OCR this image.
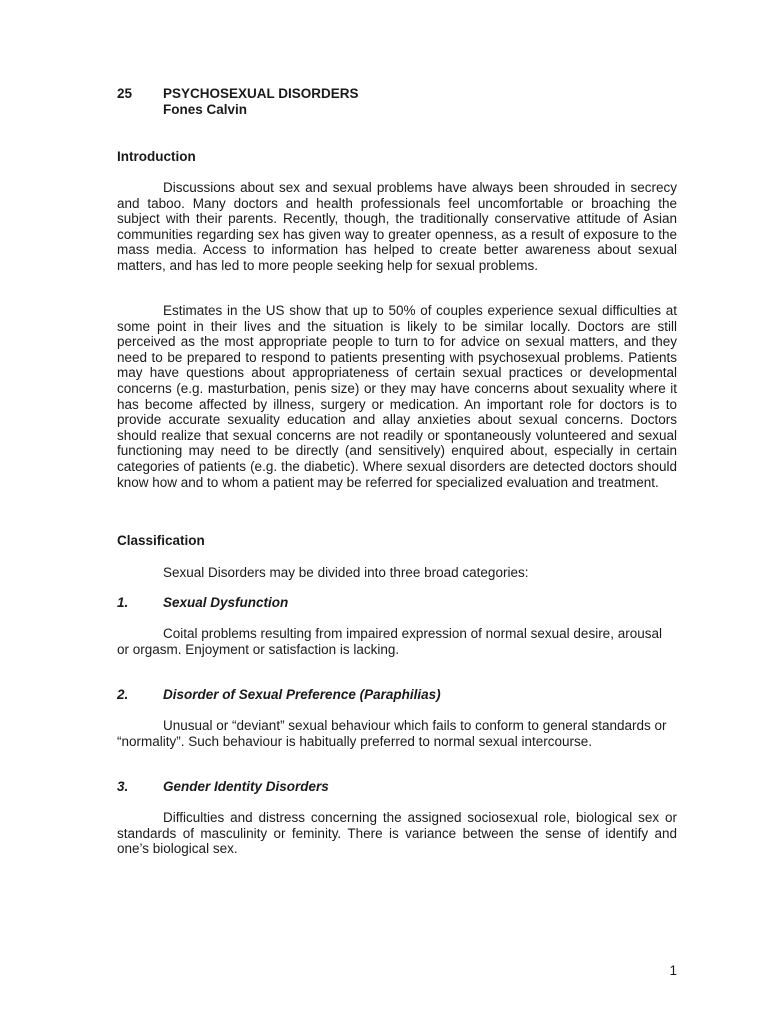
25 PSYCHOSEXUAL DISORDERS
Fones Calvin
Introduction

Discussions about sex and sexual problems have always been shrouded in secrecy and taboo. Many doctors and health professionals feel uncomfortable or broaching the subject with their parents. Recently, though, the traditionally conservative attitude of Asian communities regarding sex has given way to greater openness, as a result of exposure to the mass media. Access to information has helped to create better awareness about sexual matters, and has led to more people seeking help for sexual problems.

Estimates in the US show that up to 50% of couples experience sexual difficulties at some point in their lives and the situation is likely to be similar locally. Doctors are still perceived as the most appropriate people to turn to for advice on sexual matters, and they need to be prepared to respond to patients presenting with psychosexual problems. Patients may have questions about appropriateness of certain sexual practices or developmental concerns (e.g. masturbation, penis size) or they may have concerns about sexuality where it has become affected by illness, surgery or medication. An important role for doctors is to provide accurate sexuality education and allay anxieties about sexual concerns. Doctors should realize that sexual concerns are not readily or spontaneously volunteered and sexual functioning may need to be directly (and sensitively) enquired about, especially in certain categories of patients (e.g. the diabetic). Where sexual disorders are detected doctors should know how and to whom a patient may be referred for specialized evaluation and treatment.

Classification

Sexual Disorders may be divided into three broad categories:

1.	Sexual Dysfunction

Coital problems resulting from impaired expression of normal sexual desire, arousal or orgasm. Enjoyment or satisfaction is lacking.

2.	Disorder of Sexual Preference (Paraphilias)

Unusual or “deviant” sexual behaviour which fails to conform to general standards or “normality”. Such behaviour is habitually preferred to normal sexual intercourse.

3.	Gender Identity Disorders

Difficulties and distress concerning the assigned sociosexual role, biological sex or standards of masculinity or feminity. There is variance between the sense of identify and one’s biological sex.

1
